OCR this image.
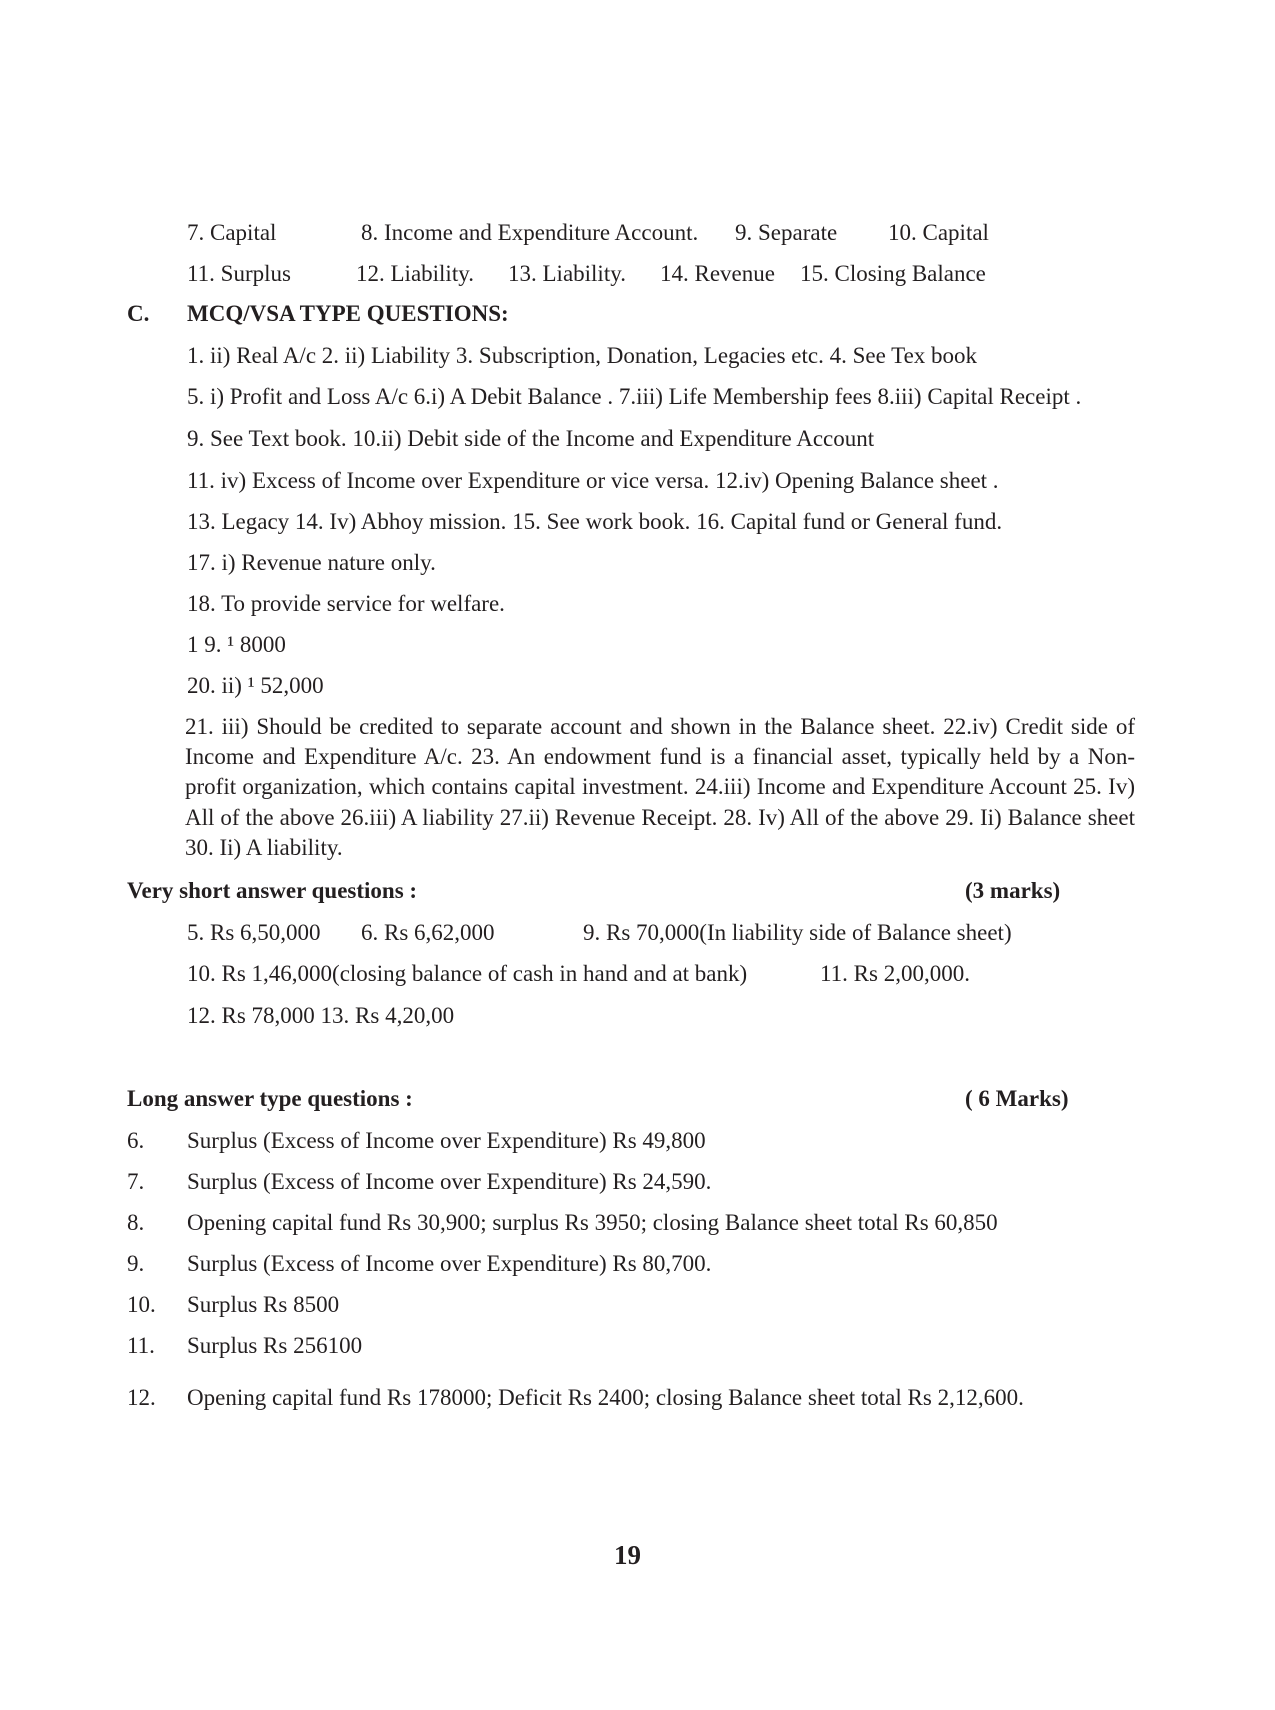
7. Capital	8. Income and Expenditure Account. 9. Separate 10. Capital
11. Surplus	12. Liability. 13. Liability. 14. Revenue 15. Closing Balance
C. MCQ/VSA TYPE QUESTIONS:
1. ii) Real A/c 2. ii) Liability 3. Subscription, Donation, Legacies etc. 4. See Tex book
5. i) Profit and Loss A/c 6.i) A Debit Balance . 7.iii) Life Membership fees 8.iii) Capital Receipt .
9. See Text book. 10.ii) Debit side of the Income and Expenditure Account
11. iv) Excess of Income over Expenditure or vice versa. 12.iv) Opening Balance sheet .
13. Legacy 14. Iv) Abhoy mission. 15. See work book. 16. Capital fund or General fund.
17. i) Revenue nature only.
18. To provide service for welfare.
1 9. ¹ 8000
20. ii) ¹ 52,000
21. iii) Should be credited to separate account and shown in the Balance sheet. 22.iv) Credit side of Income and Expenditure A/c. 23. An endowment fund is a financial asset, typically held by a Non-profit organization, which contains capital investment. 24.iii) Income and Expenditure Account 25. Iv) All of the above 26.iii) A liability 27.ii) Revenue Receipt. 28. Iv) All of the above 29. Ii) Balance sheet 30. Ii) A liability.
Very short answer questions :	(3 marks)
5. Rs 6,50,000 6. Rs 6,62,000	9. Rs 70,000(In liability side of Balance sheet)
10. Rs 1,46,000(closing balance of cash in hand and at bank)	11. Rs 2,00,000.
12. Rs 78,000 13. Rs 4,20,00
Long answer type questions :	( 6 Marks)
6. Surplus (Excess of Income over Expenditure) Rs 49,800
7. Surplus (Excess of Income over Expenditure) Rs 24,590.
8. Opening capital fund Rs 30,900; surplus Rs 3950; closing Balance sheet total Rs 60,850
9. Surplus (Excess of Income over Expenditure) Rs 80,700.
10. Surplus Rs 8500
11. Surplus Rs 256100
12. Opening capital fund Rs 178000; Deficit Rs 2400; closing Balance sheet total Rs 2,12,600.
19
